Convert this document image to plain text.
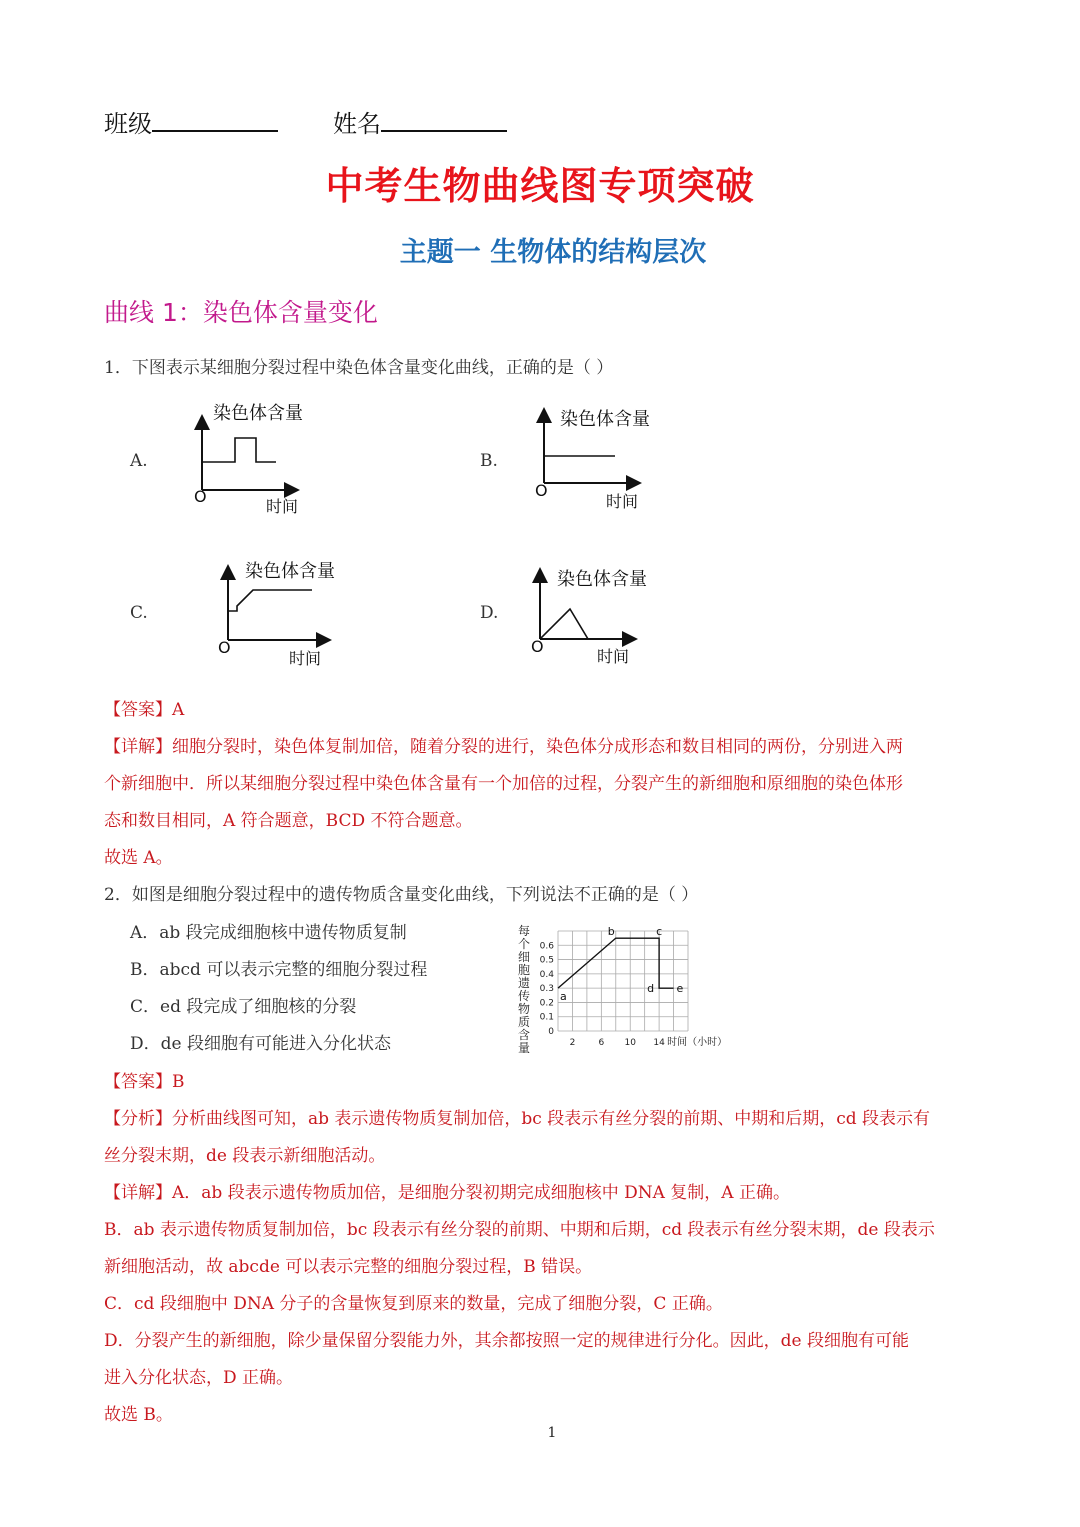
班级	姓名
中考生物曲线图专项突破
主题一 生物体的结构层次
曲线 1：染色体含量变化
1．下图表示某细胞分裂过程中染色体含量变化曲线，正确的是（ ）
A.
染色体含量
时间
O
B.
染色体含量
时间
O
C.
染色体含量
时间
O
D.
染色体含量
时间
O
【答案】A
【详解】细胞分裂时，染色体复制加倍，随着分裂的进行，染色体分成形态和数目相同的两份，分别进入两
个新细胞中．所以某细胞分裂过程中染色体含量有一个加倍的过程，分裂产生的新细胞和原细胞的染色体形
态和数目相同，A 符合题意，BCD 不符合题意。
故选 A。
2．如图是细胞分裂过程中的遗传物质含量变化曲线，下列说法不正确的是（ ）
A．ab 段完成细胞核中遗传物质复制
B．abcd 可以表示完整的细胞分裂过程
C．ed 段完成了细胞核的分裂
D．de 段细胞有可能进入分化状态
每个细胞遗传物质含量
0
0.1
0.2
0.3
0.4
0.5
0.6
2	6 10 14
a
b	c
d e
时间（小时）
【答案】B
【分析】分析曲线图可知，ab 表示遗传物质复制加倍，bc 段表示有丝分裂的前期、中期和后期，cd 段表示有
丝分裂末期，de 段表示新细胞活动。
【详解】A．ab 段表示遗传物质加倍，是细胞分裂初期完成细胞核中 DNA 复制，A 正确。
B．ab 表示遗传物质复制加倍，bc 段表示有丝分裂的前期、中期和后期，cd 段表示有丝分裂末期，de 段表示
新细胞活动，故 abcde 可以表示完整的细胞分裂过程，B 错误。
C．cd 段细胞中 DNA 分子的含量恢复到原来的数量，完成了细胞分裂，C 正确。
D．分裂产生的新细胞，除少量保留分裂能力外，其余都按照一定的规律进行分化。因此，de 段细胞有可能
进入分化状态，D 正确。
故选 B。
1
